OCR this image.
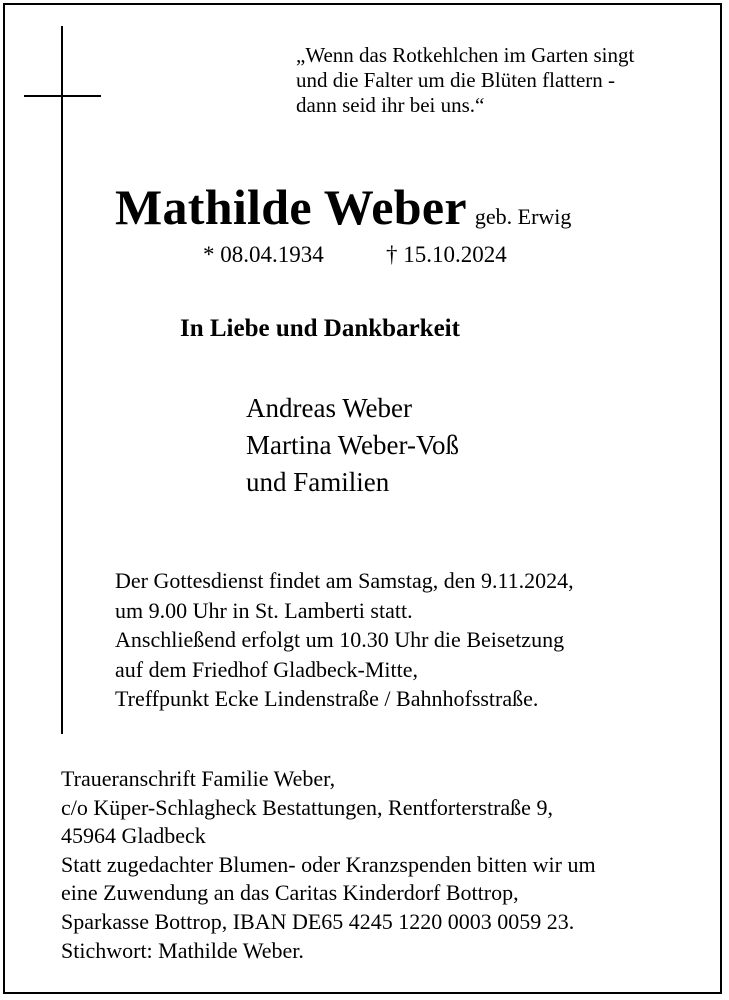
„Wenn das Rotkehlchen im Garten singt
und die Falter um die Blüten flattern -
dann seid ihr bei uns.“
Mathilde Weber geb. Erwig
* 08.04.1934	† 15.10.2024
In Liebe und Dankbarkeit
Andreas Weber
Martina Weber-Voß
und Familien
Der Gottesdienst findet am Samstag, den 9.11.2024,
um 9.00 Uhr in St. Lamberti statt.
Anschließend erfolgt um 10.30 Uhr die Beisetzung
auf dem Friedhof Gladbeck-Mitte,
Treffpunkt Ecke Lindenstraße / Bahnhofsstraße.
Traueranschrift Familie Weber,
c/o Küper-Schlagheck Bestattungen, Rentforterstraße 9,
45964 Gladbeck
Statt zugedachter Blumen- oder Kranzspenden bitten wir um
eine Zuwendung an das Caritas Kinderdorf Bottrop,
Sparkasse Bottrop, IBAN DE65 4245 1220 0003 0059 23.
Stichwort: Mathilde Weber.
